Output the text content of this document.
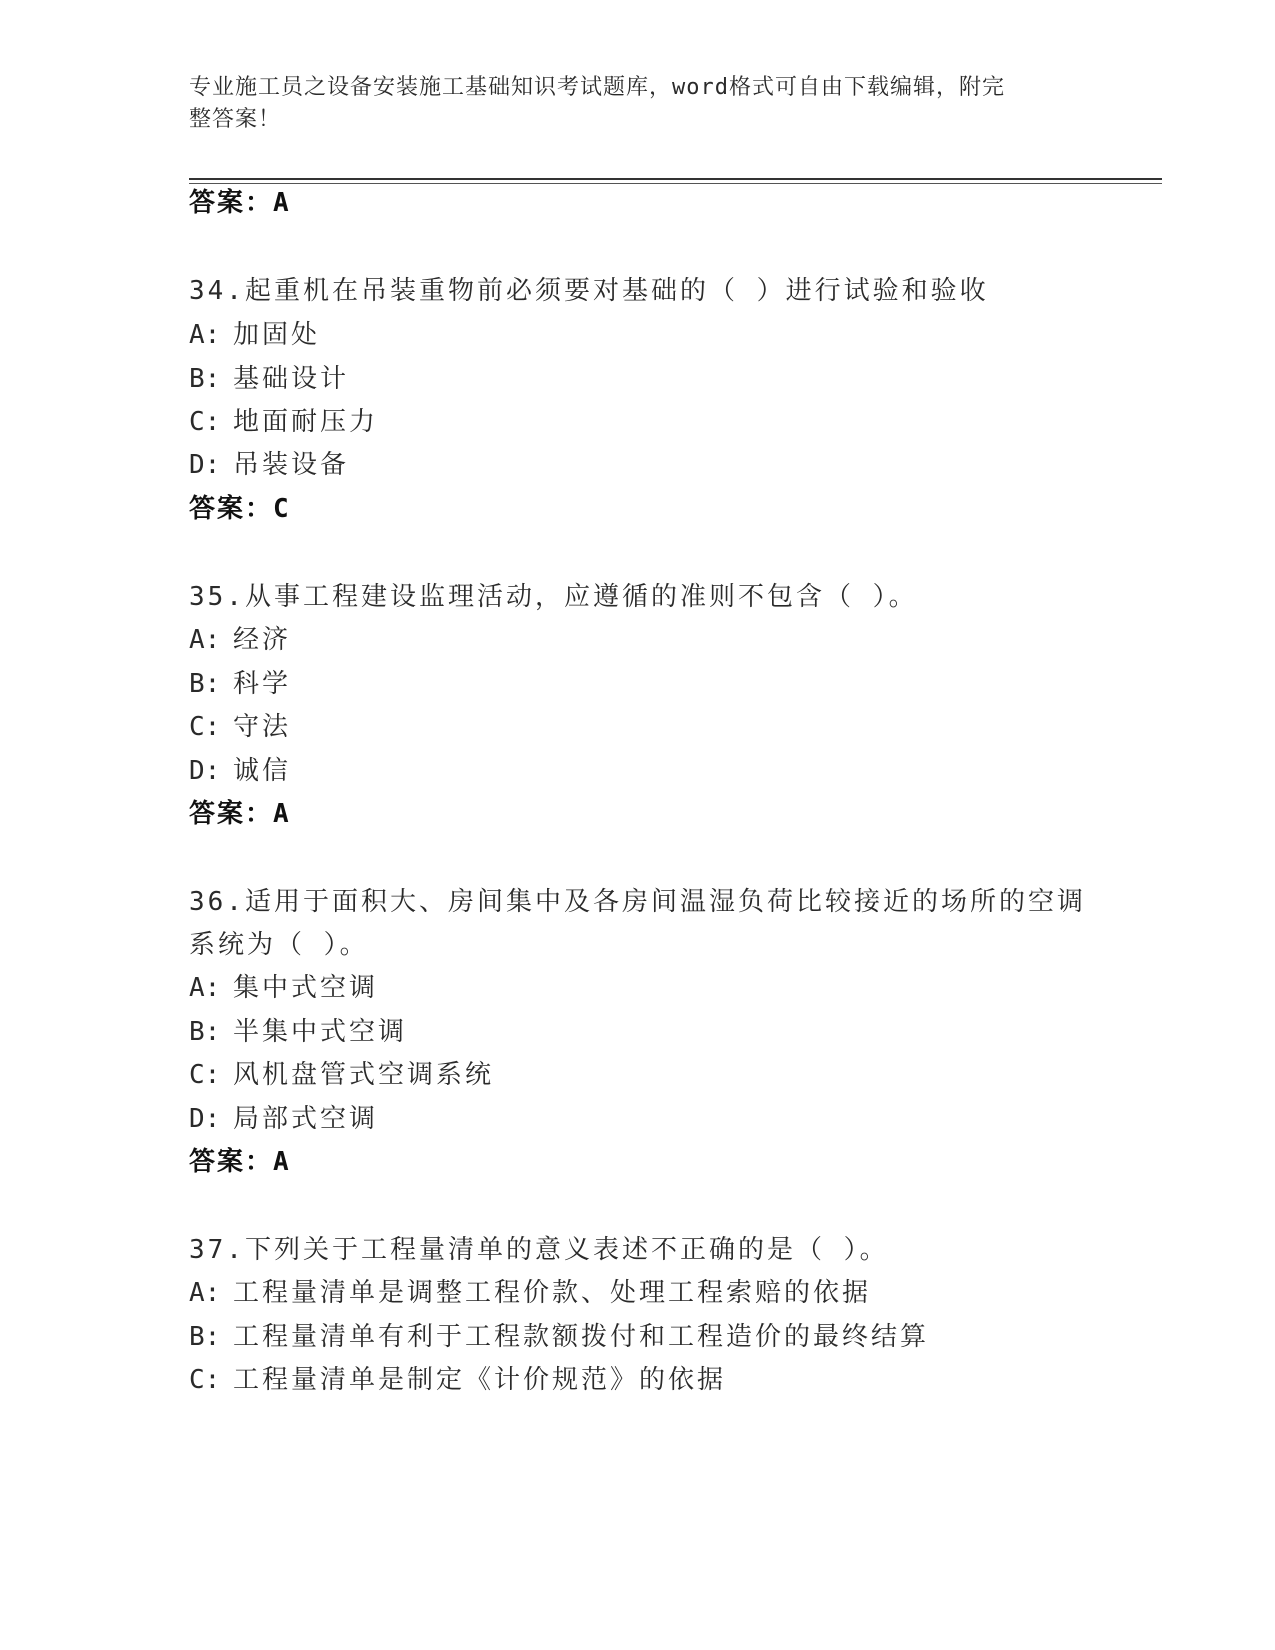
专业施工员之设备安装施工基础知识考试题库，word格式可自由下载编辑，附完
整答案！
答案：A
34.起重机在吊装重物前必须要对基础的（ ）进行试验和验收
A: 加固处
B: 基础设计
C: 地面耐压力
D: 吊装设备
答案：C
35.从事工程建设监理活动，应遵循的准则不包含（ ）。
A: 经济
B: 科学
C: 守法
D: 诚信
答案：A
36.适用于面积大、房间集中及各房间温湿负荷比较接近的场所的空调
系统为（ ）。
A: 集中式空调
B: 半集中式空调
C: 风机盘管式空调系统
D: 局部式空调
答案：A
37.下列关于工程量清单的意义表述不正确的是（ ）。
A: 工程量清单是调整工程价款、处理工程索赔的依据
B: 工程量清单有利于工程款额拨付和工程造价的最终结算
C: 工程量清单是制定《计价规范》的依据
